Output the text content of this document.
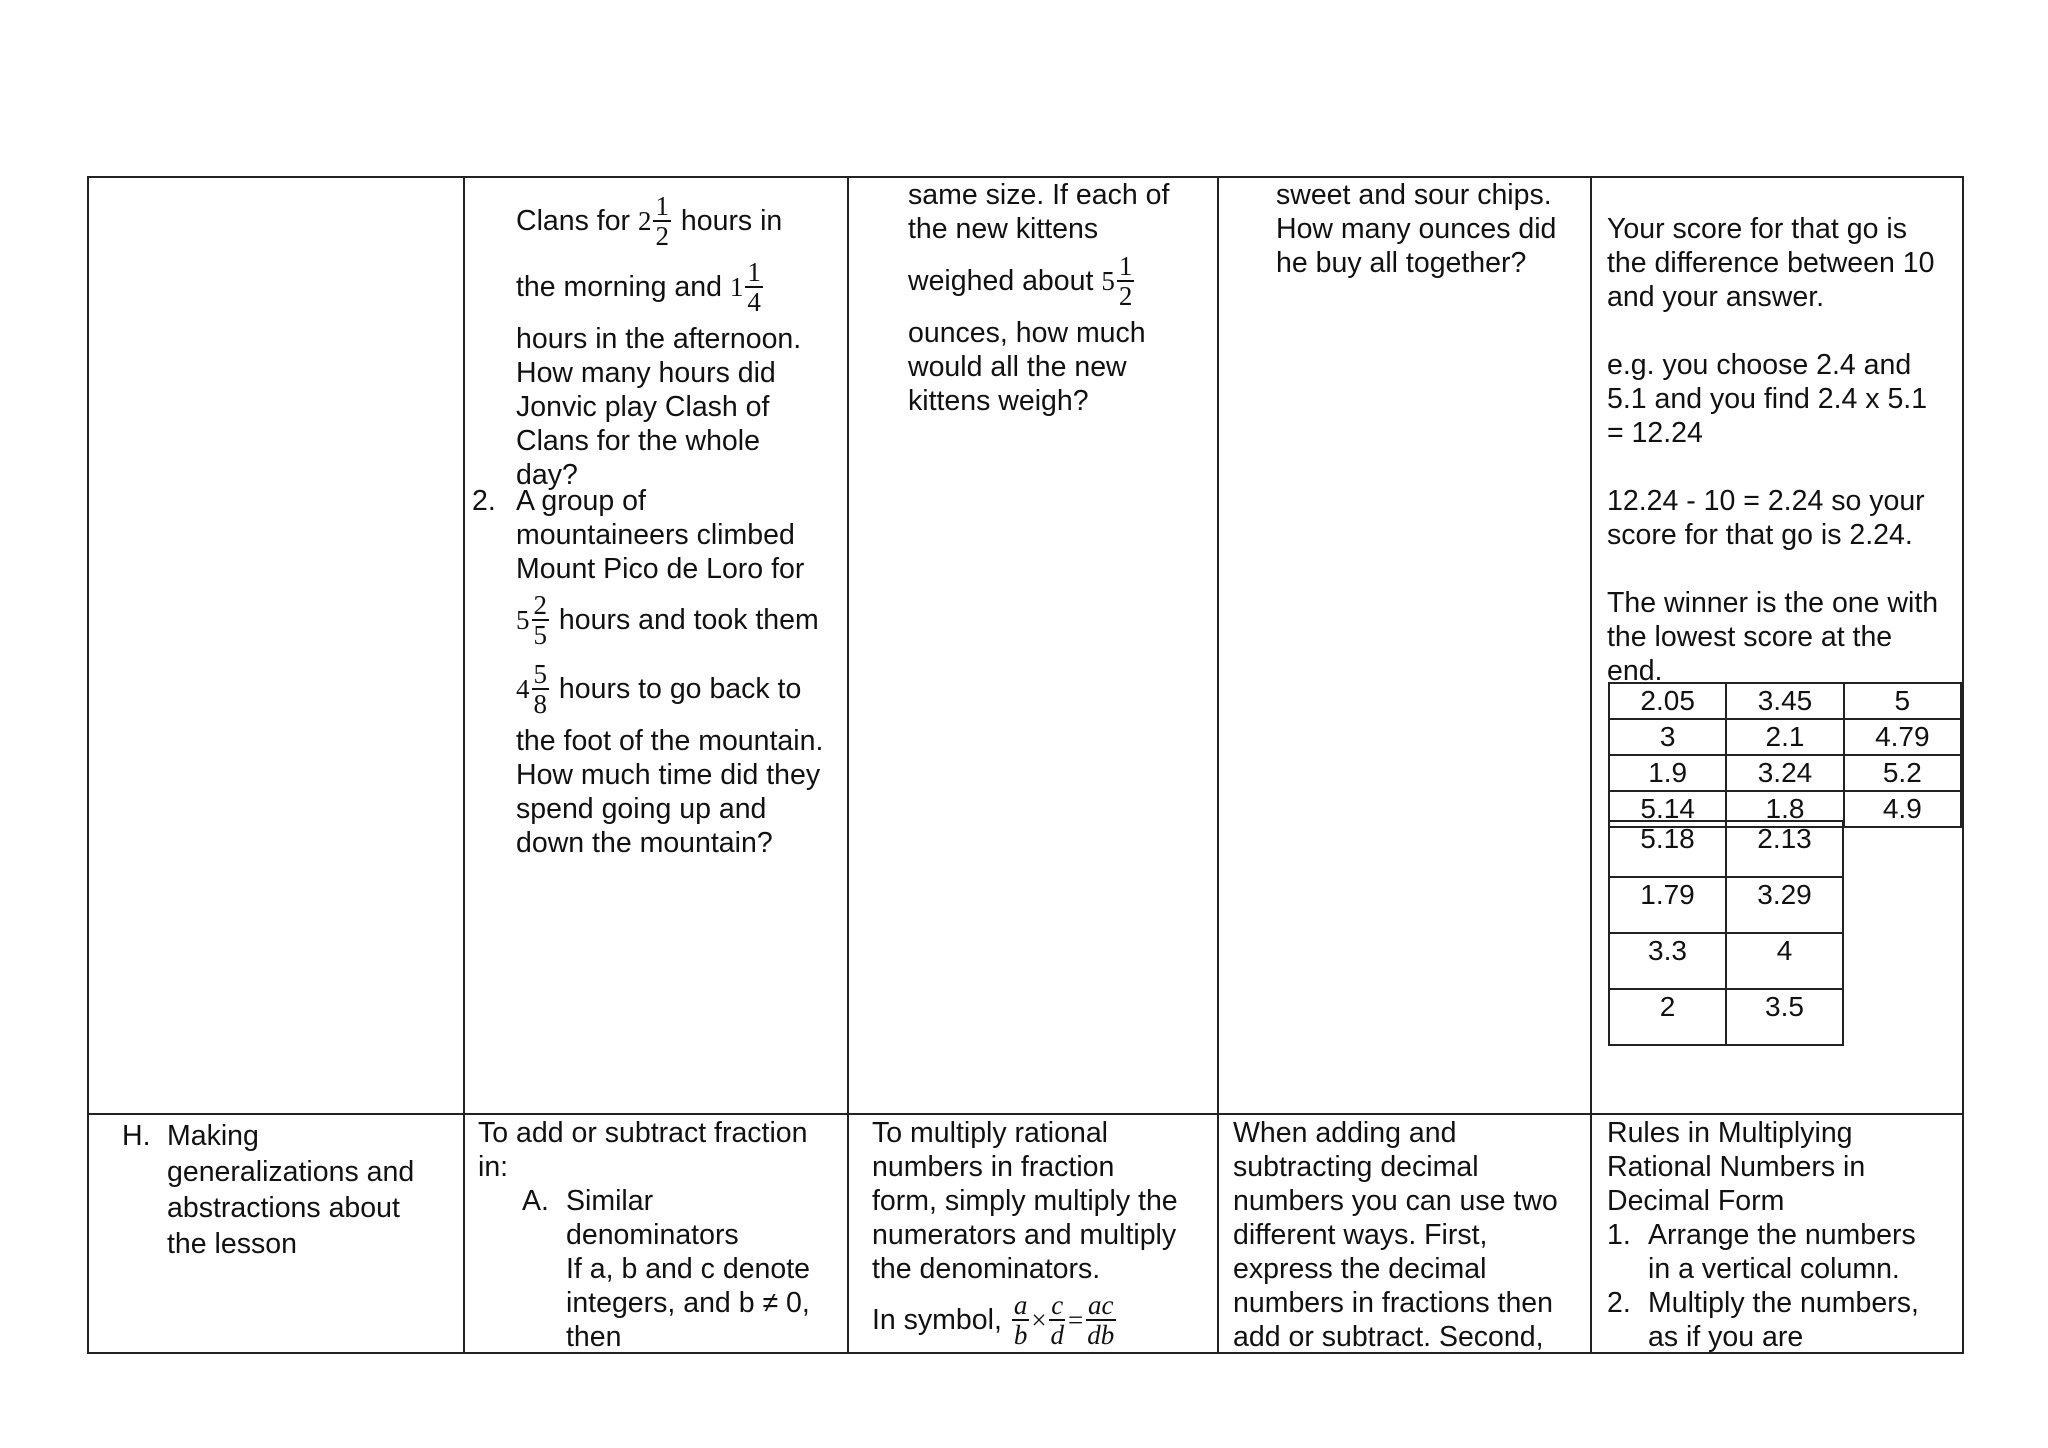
Clans for
$2 \frac{1}{2}$
hours in
the morning and
$1 \frac{1}{4}$
hours in the afternoon.
How many hours did
Jonvic play Clash of
Clans for the whole
day?
2. A group of
mountaineers climbed
Mount Pico de Loro for
$5 \frac{2}{5}$
hours and took them
$4 \frac{5}{8}$
hours to go back to
the foot of the mountain.
How much time did they
spend going up and
down the mountain?
same size. If each of
the new kittens
weighed about
$5 \frac{1}{2}$
ounces, how much
would all the new
kittens weigh?
sweet and sour chips.
How many ounces did
he buy all together?
Your score for that go is
the difference between 10
and your answer.
e.g. you choose 2.4 and
5.1 and you find 2.4 x 5.1
= 12.24
12.24 - 10 = 2.24 so your
score for that go is 2.24.
The winner is the one with
the lowest score at the
end.
2.05	3.45	5
3	2.1	4.79
1.9	3.24	5.2
5.14	1.8	4.9
5.18	2.13
1.79	3.29
3.3	4
2	3.5
H. Making
generalizations and
abstractions about
the lesson
To add or subtract fraction
in:
A. Similar
denominators
If a, b and c denote
integers, and b ≠ 0,
then
To multiply rational
numbers in fraction
form, simply multiply the
numerators and multiply
the denominators.
In symbol,
$\frac{a}{b} \times \frac{c}{d} = \frac{ac}{db}$
When adding and
subtracting decimal
numbers you can use two
different ways. First,
express the decimal
numbers in fractions then
add or subtract. Second,
Rules in Multiplying
Rational Numbers in
Decimal Form
1. Arrange the numbers
in a vertical column.
2. Multiply the numbers,
as if you are
